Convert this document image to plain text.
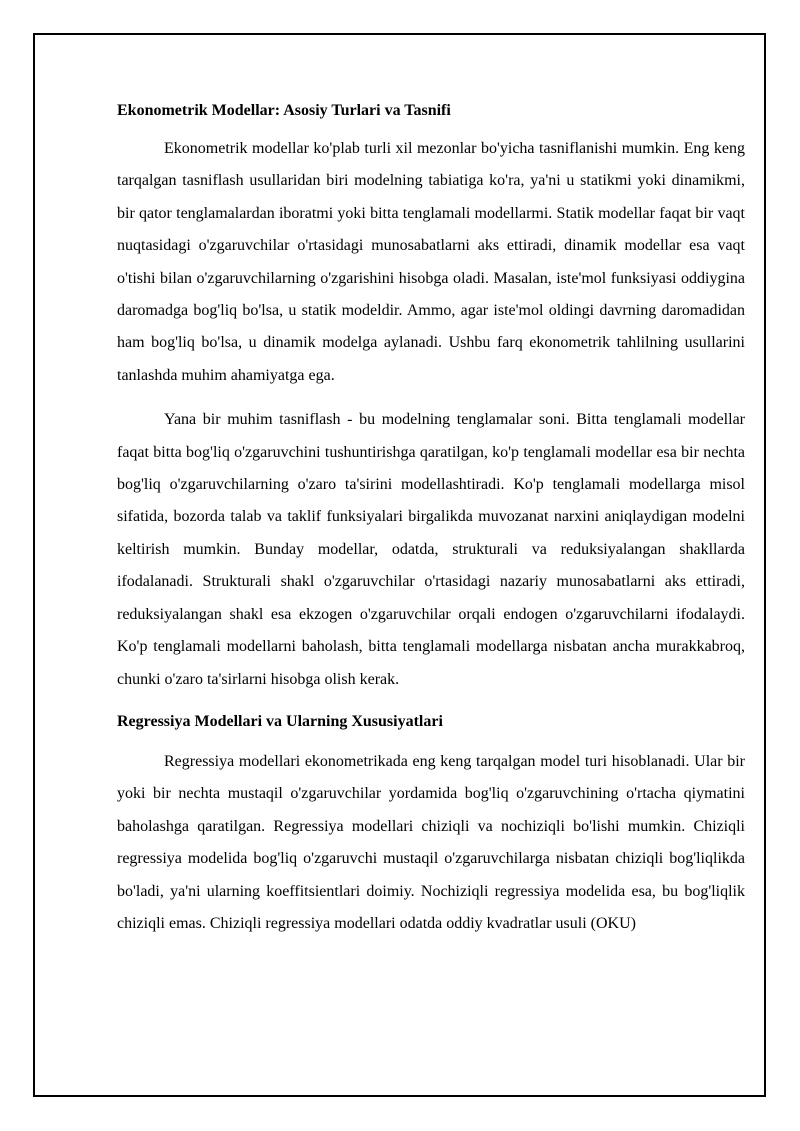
Ekonometrik Modellar: Asosiy Turlari va Tasnifi

Ekonometrik modellar ko'plab turli xil mezonlar bo'yicha tasniflanishi mumkin. Eng keng tarqalgan tasniflash usullaridan biri modelning tabiatiga ko'ra, ya'ni u statikmi yoki dinamikmi, bir qator tenglamalardan iboratmi yoki bitta tenglamali modellarmi. Statik modellar faqat bir vaqt nuqtasidagi o'zgaruvchilar o'rtasidagi munosabatlarni aks ettiradi, dinamik modellar esa vaqt o'tishi bilan o'zgaruvchilarning o'zgarishini hisobga oladi. Masalan, iste'mol funksiyasi oddiygina daromadga bog'liq bo'lsa, u statik modeldir. Ammo, agar iste'mol oldingi davrning daromadidan ham bog'liq bo'lsa, u dinamik modelga aylanadi. Ushbu farq ekonometrik tahlilning usullarini tanlashda muhim ahamiyatga ega.

Yana bir muhim tasniflash - bu modelning tenglamalar soni. Bitta tenglamali modellar faqat bitta bog'liq o'zgaruvchini tushuntirishga qaratilgan, ko'p tenglamali modellar esa bir nechta bog'liq o'zgaruvchilarning o'zaro ta'sirini modellashtiradi. Ko'p tenglamali modellarga misol sifatida, bozorda talab va taklif funksiyalari birgalikda muvozanat narxini aniqlaydigan modelni keltirish mumkin. Bunday modellar, odatda, strukturali va reduksiyalangan shakllarda ifodalanadi. Strukturali shakl o'zgaruvchilar o'rtasidagi nazariy munosabatlarni aks ettiradi, reduksiyalangan shakl esa ekzogen o'zgaruvchilar orqali endogen o'zgaruvchilarni ifodalaydi. Ko'p tenglamali modellarni baholash, bitta tenglamali modellarga nisbatan ancha murakkabroq, chunki o'zaro ta'sirlarni hisobga olish kerak.

Regressiya Modellari va Ularning Xususiyatlari

Regressiya modellari ekonometrikada eng keng tarqalgan model turi hisoblanadi. Ular bir yoki bir nechta mustaqil o'zgaruvchilar yordamida bog'liq o'zgaruvchining o'rtacha qiymatini baholashga qaratilgan. Regressiya modellari chiziqli va nochiziqli bo'lishi mumkin. Chiziqli regressiya modelida bog'liq o'zgaruvchi mustaqil o'zgaruvchilarga nisbatan chiziqli bog'liqlikda bo'ladi, ya'ni ularning koeffitsientlari doimiy. Nochiziqli regressiya modelida esa, bu bog'liqlik chiziqli emas. Chiziqli regressiya modellari odatda oddiy kvadratlar usuli (OKU)
